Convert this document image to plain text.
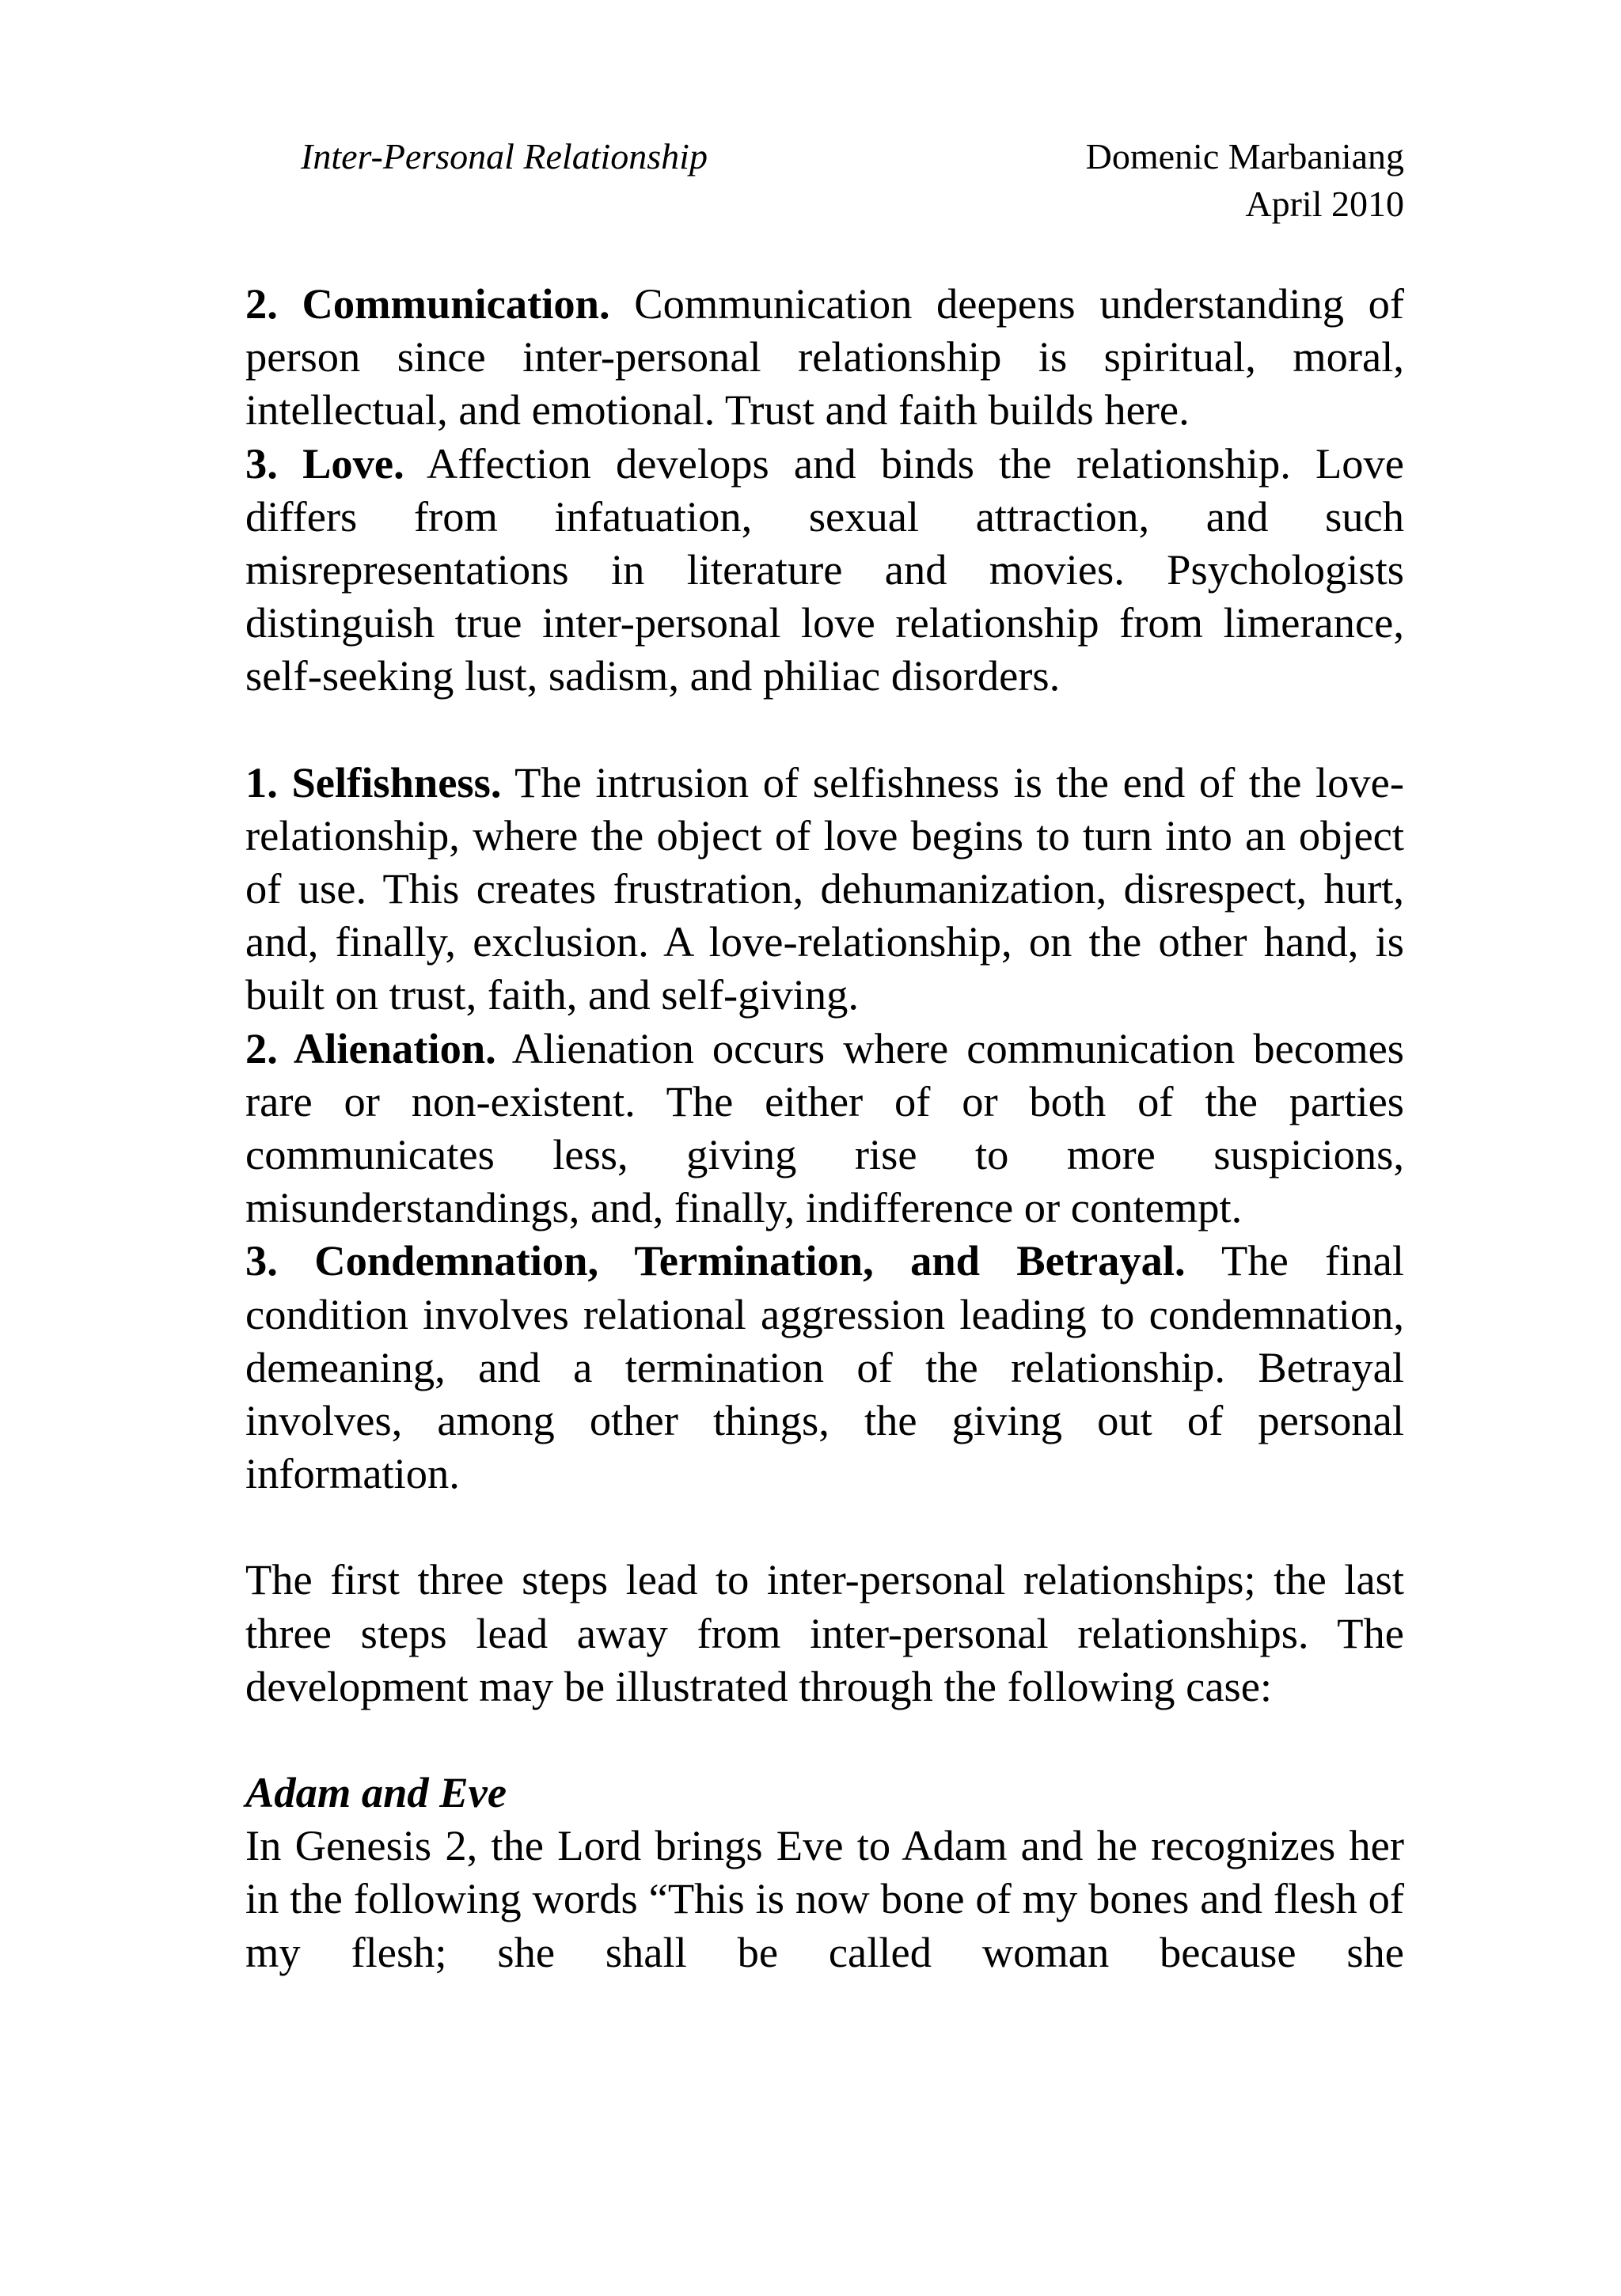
Inter-Personal Relationship	Domenic Marbaniang
April 2010

2. Communication. Communication deepens understanding of person since inter-personal relationship is spiritual, moral, intellectual, and emotional. Trust and faith builds here.

3. Love. Affection develops and binds the relationship. Love differs from infatuation, sexual attraction, and such misrepresentations in literature and movies. Psychologists distinguish true inter-personal love relationship from limerance, self-seeking lust, sadism, and philiac disorders.

1. Selfishness. The intrusion of selfishness is the end of the love-relationship, where the object of love begins to turn into an object of use. This creates frustration, dehumanization, disrespect, hurt, and, finally, exclusion. A love-relationship, on the other hand, is built on trust, faith, and self-giving.

2. Alienation. Alienation occurs where communication becomes rare or non-existent. The either of or both of the parties communicates less, giving rise to more suspicions, misunderstandings, and, finally, indifference or contempt.

3. Condemnation, Termination, and Betrayal. The final condition involves relational aggression leading to condemnation, demeaning, and a termination of the relationship. Betrayal involves, among other things, the giving out of personal information.

The first three steps lead to inter-personal relationships; the last three steps lead away from inter-personal relationships. The development may be illustrated through the following case:

Adam and Eve

In Genesis 2, the Lord brings Eve to Adam and he recognizes her in the following words “This is now bone of my bones and flesh of my flesh; she shall be called woman because she
